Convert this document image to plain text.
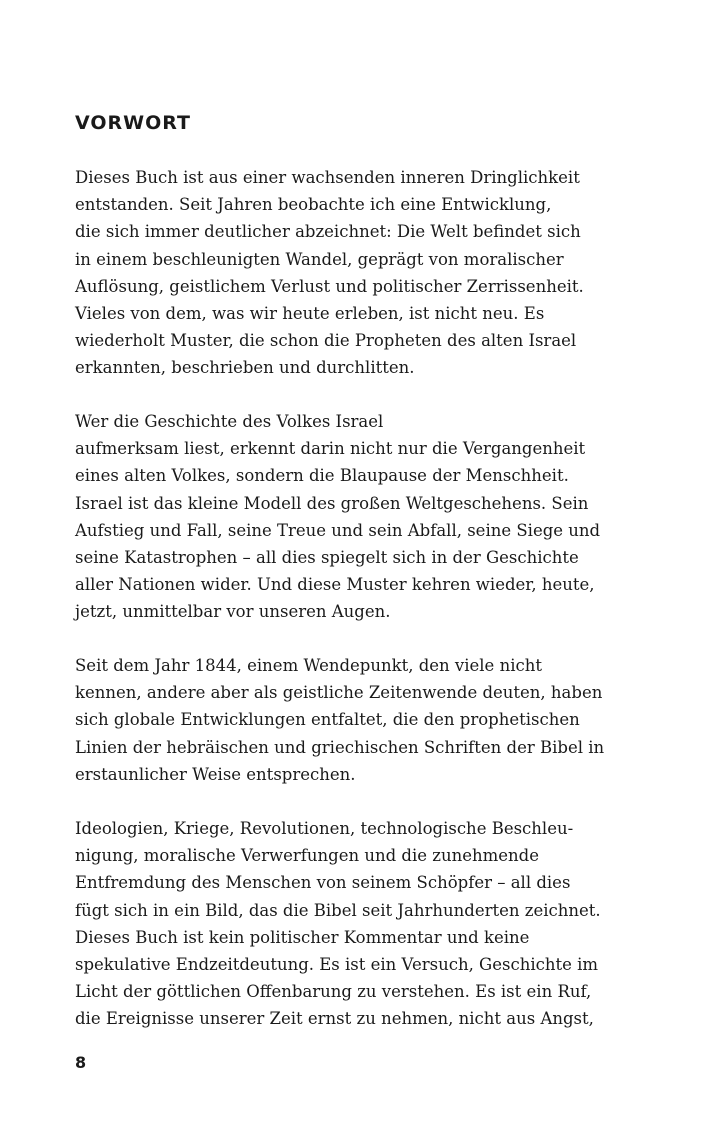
VORWORT
Dieses Buch ist aus einer wachsenden inneren Dringlichkeit
entstanden. Seit Jahren beobachte ich eine Entwicklung,
die sich immer deutlicher abzeichnet: Die Welt befindet sich
in einem beschleunigten Wandel, geprägt von moralischer
Auflösung, geistlichem Verlust und politischer Zerrissenheit.
Vieles von dem, was wir heute erleben, ist nicht neu. Es
wiederholt Muster, die schon die Propheten des alten Israel
erkannten, beschrieben und durchlitten.
Wer die Geschichte des Volkes Israel
aufmerksam liest, erkennt darin nicht nur die Vergangenheit
eines alten Volkes, sondern die Blaupause der Menschheit.
Israel ist das kleine Modell des großen Weltgeschehens. Sein
Aufstieg und Fall, seine Treue und sein Abfall, seine Siege und
seine Katastrophen – all dies spiegelt sich in der Geschichte
aller Nationen wider. Und diese Muster kehren wieder, heute,
jetzt, unmittelbar vor unseren Augen.
Seit dem Jahr 1844, einem Wendepunkt, den viele nicht
kennen, andere aber als geistliche Zeitenwende deuten, haben
sich globale Entwicklungen entfaltet, die den prophetischen
Linien der hebräischen und griechischen Schriften der Bibel in
erstaunlicher Weise entsprechen.
Ideologien, Kriege, Revolutionen, technologische Beschleu-
nigung, moralische Verwerfungen und die zunehmende
Entfremdung des Menschen von seinem Schöpfer – all dies
fügt sich in ein Bild, das die Bibel seit Jahrhunderten zeichnet.
Dieses Buch ist kein politischer Kommentar und keine
spekulative Endzeitdeutung. Es ist ein Versuch, Geschichte im
Licht der göttlichen Offenbarung zu verstehen. Es ist ein Ruf,
die Ereignisse unserer Zeit ernst zu nehmen, nicht aus Angst,
8
